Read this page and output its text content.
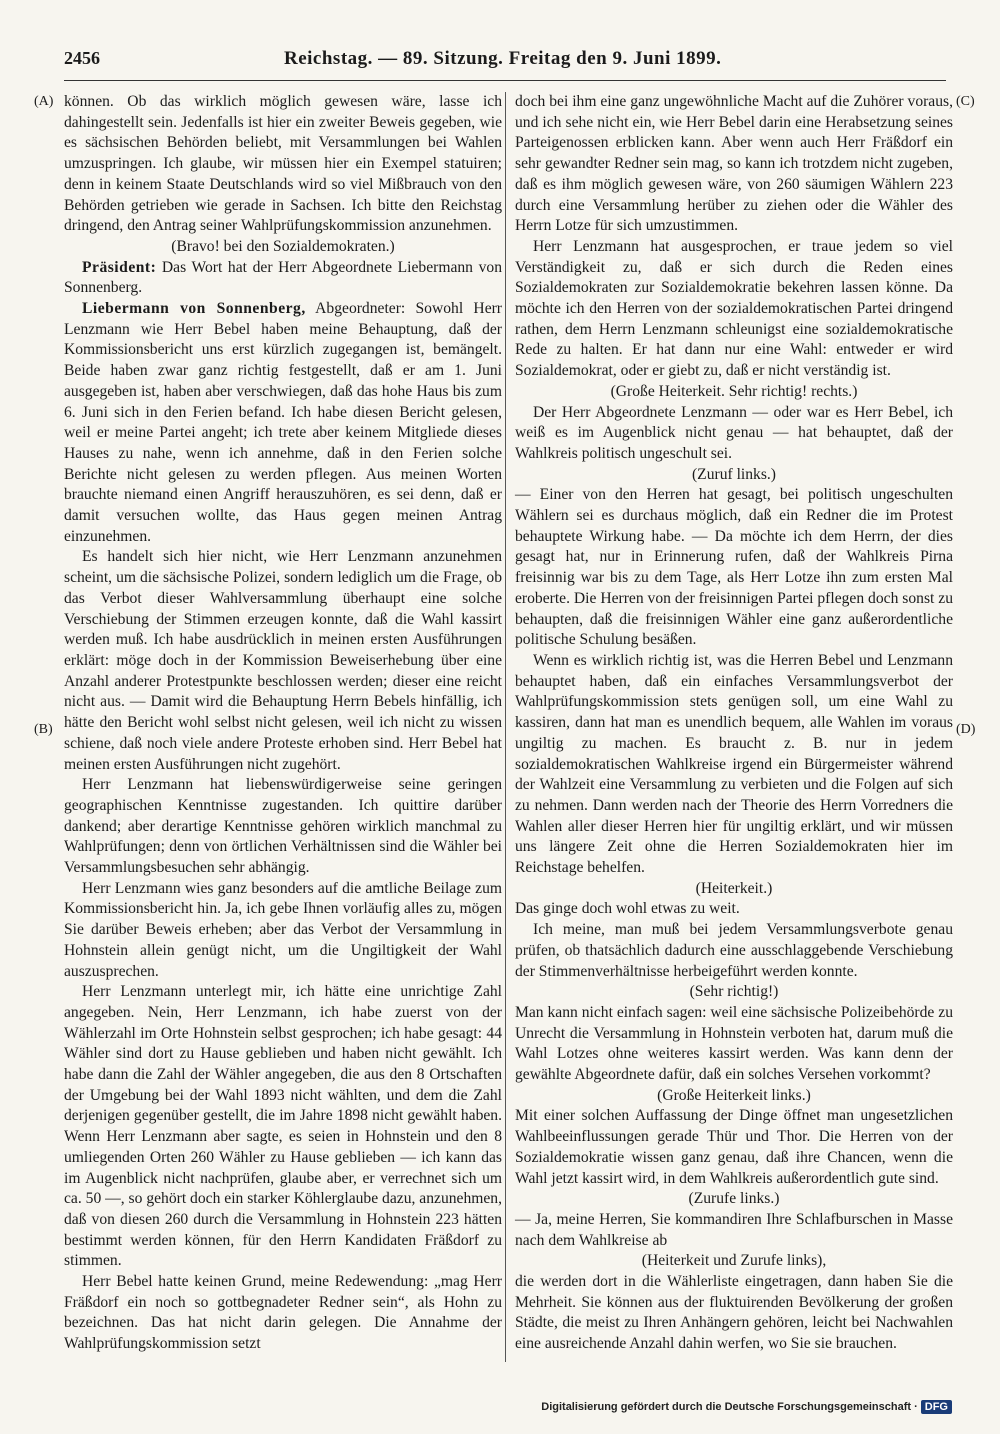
2456	Reichstag. — 89. Sitzung. Freitag den 9. Juni 1899.
(A)
(B)
(C)
(D)

können. Ob das wirklich möglich gewesen wäre, lasse ich dahingestellt sein. Jedenfalls ist hier ein zweiter Beweis gegeben, wie es sächsischen Behörden beliebt, mit Versammlungen bei Wahlen umzuspringen. Ich glaube, wir müssen hier ein Exempel statuiren; denn in keinem Staate Deutschlands wird so viel Mißbrauch von den Behörden getrieben wie gerade in Sachsen. Ich bitte den Reichstag dringend, den Antrag seiner Wahlprüfungskommission anzunehmen.

(Bravo! bei den Sozialdemokraten.)

Präsident: Das Wort hat der Herr Abgeordnete Liebermann von Sonnenberg.

Liebermann von Sonnenberg, Abgeordneter: Sowohl Herr Lenzmann wie Herr Bebel haben meine Behauptung, daß der Kommissionsbericht uns erst kürzlich zugegangen ist, bemängelt. Beide haben zwar ganz richtig festgestellt, daß er am 1. Juni ausgegeben ist, haben aber verschwiegen, daß das hohe Haus bis zum 6. Juni sich in den Ferien befand. Ich habe diesen Bericht gelesen, weil er meine Partei angeht; ich trete aber keinem Mitgliede dieses Hauses zu nahe, wenn ich annehme, daß in den Ferien solche Berichte nicht gelesen zu werden pflegen. Aus meinen Worten brauchte niemand einen Angriff herauszuhören, es sei denn, daß er damit versuchen wollte, das Haus gegen meinen Antrag einzunehmen.

Es handelt sich hier nicht, wie Herr Lenzmann anzunehmen scheint, um die sächsische Polizei, sondern lediglich um die Frage, ob das Verbot dieser Wahlversammlung überhaupt eine solche Verschiebung der Stimmen erzeugen konnte, daß die Wahl kassirt werden muß. Ich habe ausdrücklich in meinen ersten Ausführungen erklärt: möge doch in der Kommission Beweiserhebung über eine Anzahl anderer Protestpunkte beschlossen werden; dieser eine reicht nicht aus. — Damit wird die Behauptung Herrn Bebels hinfällig, ich hätte den Bericht wohl selbst nicht gelesen, weil ich nicht zu wissen schiene, daß noch viele andere Proteste erhoben sind. Herr Bebel hat meinen ersten Ausführungen nicht zugehört.

Herr Lenzmann hat liebenswürdigerweise seine geringen geographischen Kenntnisse zugestanden. Ich quittire darüber dankend; aber derartige Kenntnisse gehören wirklich manchmal zu Wahlprüfungen; denn von örtlichen Verhältnissen sind die Wähler bei Versammlungsbesuchen sehr abhängig.

Herr Lenzmann wies ganz besonders auf die amtliche Beilage zum Kommissionsbericht hin. Ja, ich gebe Ihnen vorläufig alles zu, mögen Sie darüber Beweis erheben; aber das Verbot der Versammlung in Hohnstein allein genügt nicht, um die Ungiltigkeit der Wahl auszusprechen.

Herr Lenzmann unterlegt mir, ich hätte eine unrichtige Zahl angegeben. Nein, Herr Lenzmann, ich habe zuerst von der Wählerzahl im Orte Hohnstein selbst gesprochen; ich habe gesagt: 44 Wähler sind dort zu Hause geblieben und haben nicht gewählt. Ich habe dann die Zahl der Wähler angegeben, die aus den 8 Ortschaften der Umgebung bei der Wahl 1893 nicht wählten, und dem die Zahl derjenigen gegenüber gestellt, die im Jahre 1898 nicht gewählt haben. Wenn Herr Lenzmann aber sagte, es seien in Hohnstein und den 8 umliegenden Orten 260 Wähler zu Hause geblieben — ich kann das im Augenblick nicht nachprüfen, glaube aber, er verrechnet sich um ca. 50 —, so gehört doch ein starker Köhlerglaube dazu, anzunehmen, daß von diesen 260 durch die Versammlung in Hohnstein 223 hätten bestimmt werden können, für den Herrn Kandidaten Fräßdorf zu stimmen.

Herr Bebel hatte keinen Grund, meine Redewendung: „mag Herr Fräßdorf ein noch so gottbegnadeter Redner sein“, als Hohn zu bezeichnen. Das hat nicht darin gelegen. Die Annahme der Wahlprüfungskommission setzt

doch bei ihm eine ganz ungewöhnliche Macht auf die Zuhörer voraus, und ich sehe nicht ein, wie Herr Bebel darin eine Herabsetzung seines Parteigenossen erblicken kann. Aber wenn auch Herr Fräßdorf ein sehr gewandter Redner sein mag, so kann ich trotzdem nicht zugeben, daß es ihm möglich gewesen wäre, von 260 säumigen Wählern 223 durch eine Versammlung herüber zu ziehen oder die Wähler des Herrn Lotze für sich umzustimmen.

Herr Lenzmann hat ausgesprochen, er traue jedem so viel Verständigkeit zu, daß er sich durch die Reden eines Sozialdemokraten zur Sozialdemokratie bekehren lassen könne. Da möchte ich den Herren von der sozialdemokratischen Partei dringend rathen, dem Herrn Lenzmann schleunigst eine sozialdemokratische Rede zu halten. Er hat dann nur eine Wahl: entweder er wird Sozialdemokrat, oder er giebt zu, daß er nicht verständig ist.

(Große Heiterkeit. Sehr richtig! rechts.)

Der Herr Abgeordnete Lenzmann — oder war es Herr Bebel, ich weiß es im Augenblick nicht genau — hat behauptet, daß der Wahlkreis politisch ungeschult sei.

(Zuruf links.)

— Einer von den Herren hat gesagt, bei politisch ungeschulten Wählern sei es durchaus möglich, daß ein Redner die im Protest behauptete Wirkung habe. — Da möchte ich dem Herrn, der dies gesagt hat, nur in Erinnerung rufen, daß der Wahlkreis Pirna freisinnig war bis zu dem Tage, als Herr Lotze ihn zum ersten Mal eroberte. Die Herren von der freisinnigen Partei pflegen doch sonst zu behaupten, daß die freisinnigen Wähler eine ganz außerordentliche politische Schulung besäßen.

Wenn es wirklich richtig ist, was die Herren Bebel und Lenzmann behauptet haben, daß ein einfaches Versammlungsverbot der Wahlprüfungskommission stets genügen soll, um eine Wahl zu kassiren, dann hat man es unendlich bequem, alle Wahlen im voraus ungiltig zu machen. Es braucht z. B. nur in jedem sozialdemokratischen Wahlkreise irgend ein Bürgermeister während der Wahlzeit eine Versammlung zu verbieten und die Folgen auf sich zu nehmen. Dann werden nach der Theorie des Herrn Vorredners die Wahlen aller dieser Herren hier für ungiltig erklärt, und wir müssen uns längere Zeit ohne die Herren Sozialdemokraten hier im Reichstage behelfen.

(Heiterkeit.)

Das ginge doch wohl etwas zu weit.

Ich meine, man muß bei jedem Versammlungsverbote genau prüfen, ob thatsächlich dadurch eine ausschlaggebende Verschiebung der Stimmenverhältnisse herbeigeführt werden konnte.

(Sehr richtig!)

Man kann nicht einfach sagen: weil eine sächsische Polizeibehörde zu Unrecht die Versammlung in Hohnstein verboten hat, darum muß die Wahl Lotzes ohne weiteres kassirt werden. Was kann denn der gewählte Abgeordnete dafür, daß ein solches Versehen vorkommt?

(Große Heiterkeit links.)

Mit einer solchen Auffassung der Dinge öffnet man ungesetzlichen Wahlbeeinflussungen gerade Thür und Thor. Die Herren von der Sozialdemokratie wissen ganz genau, daß ihre Chancen, wenn die Wahl jetzt kassirt wird, in dem Wahlkreis außerordentlich gute sind.

(Zurufe links.)

— Ja, meine Herren, Sie kommandiren Ihre Schlafburschen in Masse nach dem Wahlkreise ab

(Heiterkeit und Zurufe links),

die werden dort in die Wählerliste eingetragen, dann haben Sie die Mehrheit. Sie können aus der fluktuirenden Bevölkerung der großen Städte, die meist zu Ihren Anhängern gehören, leicht bei Nachwahlen eine ausreichende Anzahl dahin werfen, wo Sie sie brauchen.

Digitalisierung gefördert durch die Deutsche Forschungsgemeinschaft · DFG
